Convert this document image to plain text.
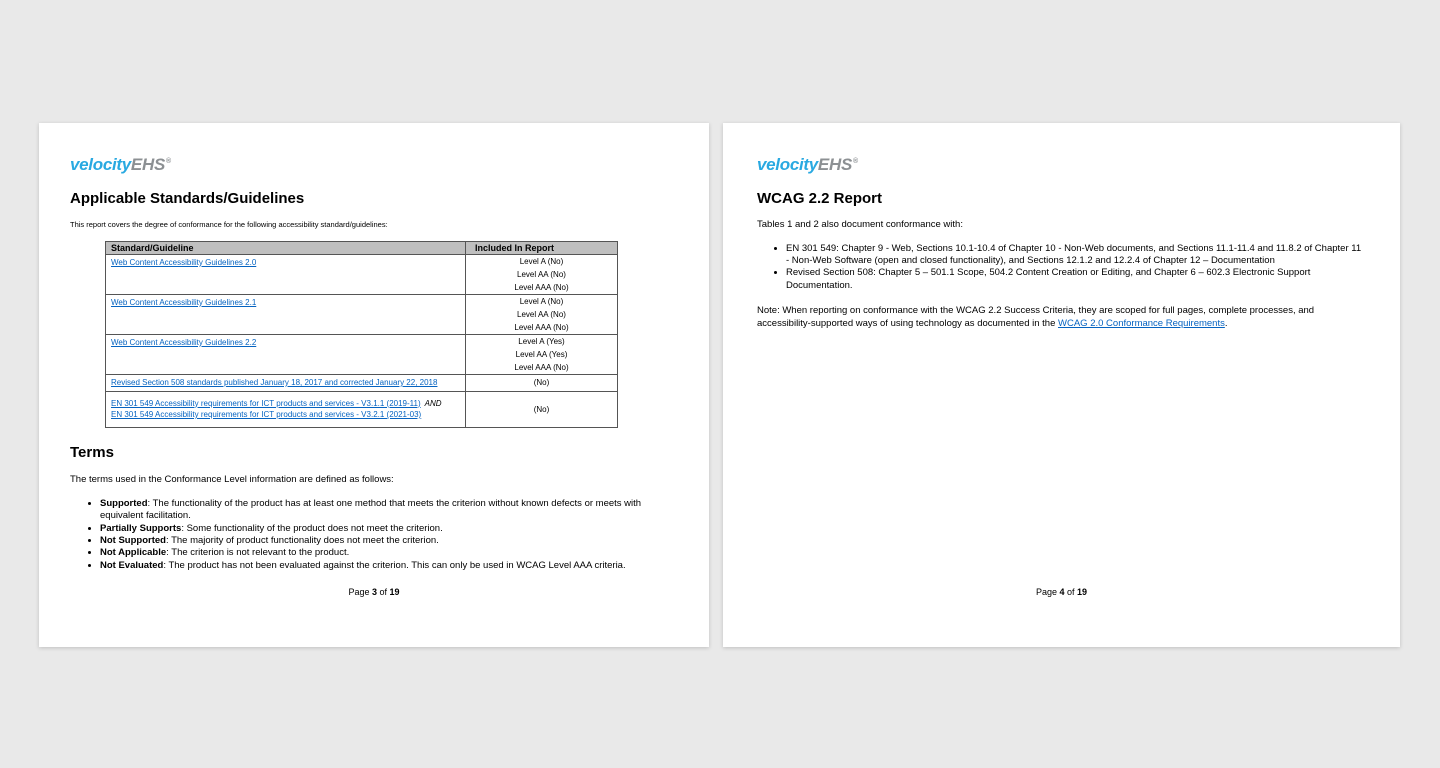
velocityEHS®
Applicable Standards/Guidelines
This report covers the degree of conformance for the following accessibility standard/guidelines:
Standard/Guideline	Included In Report
Web Content Accessibility Guidelines 2.0	Level A (No)
Level AA (No)
Level AAA (No)

Web Content Accessibility Guidelines 2.1	Level A (No)
Level AA (No)
Level AAA (No)

Web Content Accessibility Guidelines 2.2	Level A (Yes)
Level AA (Yes)
Level AAA (No)

Revised Section 508 standards published January 18, 2017 and corrected January 22, 2018	(No)

EN 301 549 Accessibility requirements for ICT products and services - V3.1.1 (2019-11) AND
EN 301 549 Accessibility requirements for ICT products and services - V3.2.1 (2021-03)	(No)
Terms
The terms used in the Conformance Level information are defined as follows:
• Supported: The functionality of the product has at least one method that meets the criterion without known defects or meets with equivalent facilitation.
• Partially Supports: Some functionality of the product does not meet the criterion.
• Not Supported: The majority of product functionality does not meet the criterion.
• Not Applicable: The criterion is not relevant to the product.
• Not Evaluated: The product has not been evaluated against the criterion. This can only be used in WCAG Level AAA criteria.
Page 3 of 19
velocityEHS®
WCAG 2.2 Report
Tables 1 and 2 also document conformance with:
• EN 301 549: Chapter 9 - Web, Sections 10.1-10.4 of Chapter 10 - Non-Web documents, and Sections 11.1-11.4 and 11.8.2 of Chapter 11 - Non-Web Software (open and closed functionality), and Sections 12.1.2 and 12.2.4 of Chapter 12 – Documentation
• Revised Section 508: Chapter 5 – 501.1 Scope, 504.2 Content Creation or Editing, and Chapter 6 – 602.3 Electronic Support Documentation.
Note: When reporting on conformance with the WCAG 2.2 Success Criteria, they are scoped for full pages, complete processes, and accessibility-supported ways of using technology as documented in the WCAG 2.0 Conformance Requirements.
Page 4 of 19
